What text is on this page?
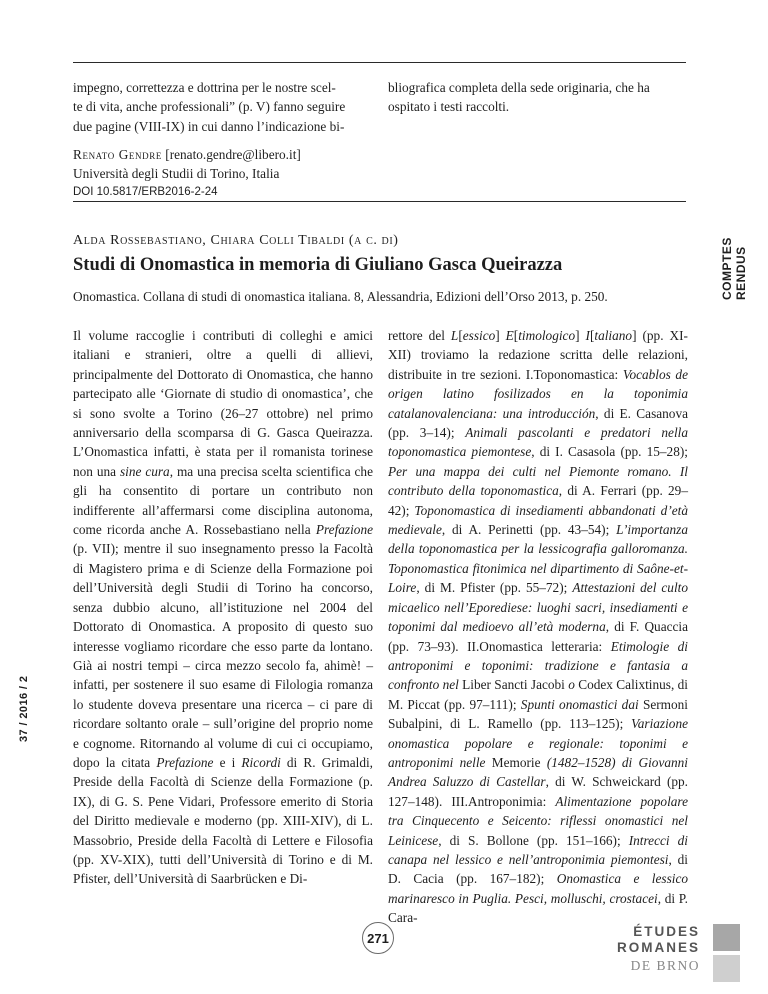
impegno, correttezza e dottrina per le nostre scel-
te di vita, anche professionali” (p. V) fanno seguire
due pagine (VIII-IX) in cui danno l’indicazione bi-
bliografica completa della sede originaria, che ha
ospitato i testi raccolti.
Renato Gendre [renato.gendre@libero.it]
Università degli Studii di Torino, Italia
DOI 10.5817/ERB2016-2-24
Alda Rossebastiano, Chiara Colli Tibaldi (a c. di)
Studi di Onomastica in memoria di Giuliano Gasca Queirazza
Onomastica. Collana di studi di onomastica italiana. 8, Alessandria, Edizioni dell’Orso 2013, p. 250.

Il volume raccoglie i contributi di colleghi e amici italiani e stranieri, oltre a quelli di allievi, principalmente del Dottorato di Onomastica, che hanno partecipato alle ‘Giornate di studio di onomastica’, che si sono svolte a Torino (26–27 ottobre) nel primo anniversario della scomparsa di G. Gasca Queirazza. L’Onomastica infatti, è stata per il romanista torinese non una sine cura, ma una precisa scelta scientifica che gli ha consentito di portare un contributo non indifferente all’affermarsi come disciplina autonoma, come ricorda anche A. Rossebastiano nella Prefazione (p. VII); mentre il suo insegnamento presso la Facoltà di Magistero prima e di Scienze della Formazione poi dell’Università degli Studii di Torino ha concorso, senza dubbio alcuno, all’istituzione nel 2004 del Dottorato di Onomastica. A proposito di questo suo interesse vogliamo ricordare che esso parte da lontano. Già ai nostri tempi – circa mezzo secolo fa, ahimè! – infatti, per sostenere il suo esame di Filologia romanza lo studente doveva presentare una ricerca – ci pare di ricordare soltanto orale – sull’origine del proprio nome e cognome. Ritornando al volume di cui ci occupiamo, dopo la citata Prefazione e i Ricordi di R. Grimaldi, Preside della Facoltà di Scienze della Formazione (p. IX), di G. S. Pene Vidari, Professore emerito di Storia del Diritto medievale e moderno (pp. XIII-XIV), di L. Massobrio, Preside della Facoltà di Lettere e Filosofia (pp. XV-XIX), tutti dell’Università di Torino e di M. Pfister, dell’Università di Saarbrücken e Di-

rettore del L[essico] E[timologico] I[taliano] (pp. XI-XII) troviamo la redazione scritta delle relazioni, distribuite in tre sezioni. I.Toponomastica: Vocablos de origen latino fosilizados en la toponimia catalanovalenciana: una introducción, di E. Casanova (pp. 3–14); Animali pascolanti e predatori nella toponomastica piemontese, di I. Casasola (pp. 15–28); Per una mappa dei culti nel Piemonte romano. Il contributo della toponomastica, di A. Ferrari (pp. 29–42); Toponomastica di insediamenti abbandonati d’età medievale, di A. Perinetti (pp. 43–54); L’importanza della toponomastica per la lessicografia galloromanza. Toponomastica fitonimica nel dipartimento di Saône-et-Loire, di M. Pfister (pp. 55–72); Attestazioni del culto micaelico nell’Eporediese: luoghi sacri, insediamenti e toponimi dal medioevo all’età moderna, di F. Quaccia (pp. 73–93). II.Onomastica letteraria: Etimologie di antroponimi e toponimi: tradizione e fantasia a confronto nel Liber Sancti Jacobi o Codex Calixtinus, di M. Piccat (pp. 97–111); Spunti onomastici dai Sermoni Subalpini, di L. Ramello (pp. 113–125); Variazione onomastica popolare e regionale: toponimi e antroponimi nelle Memorie (1482–1528) di Giovanni Andrea Saluzzo di Castellar, di W. Schweickard (pp. 127–148). III.Antroponimia: Alimentazione popolare tra Cinquecento e Seicento: riflessi onomastici nel Leinicese, di S. Bollone (pp. 151–166); Intrecci di canapa nel lessico e nell’antroponimia piemontesi, di D. Cacia (pp. 167–182); Onomastica e lessico marinaresco in Puglia. Pesci, molluschi, crostacei, di P. Cara-

COMPTES RENDUS
37 / 2016 / 2
271	ÉTUDES
ROMANES
DE BRNO
